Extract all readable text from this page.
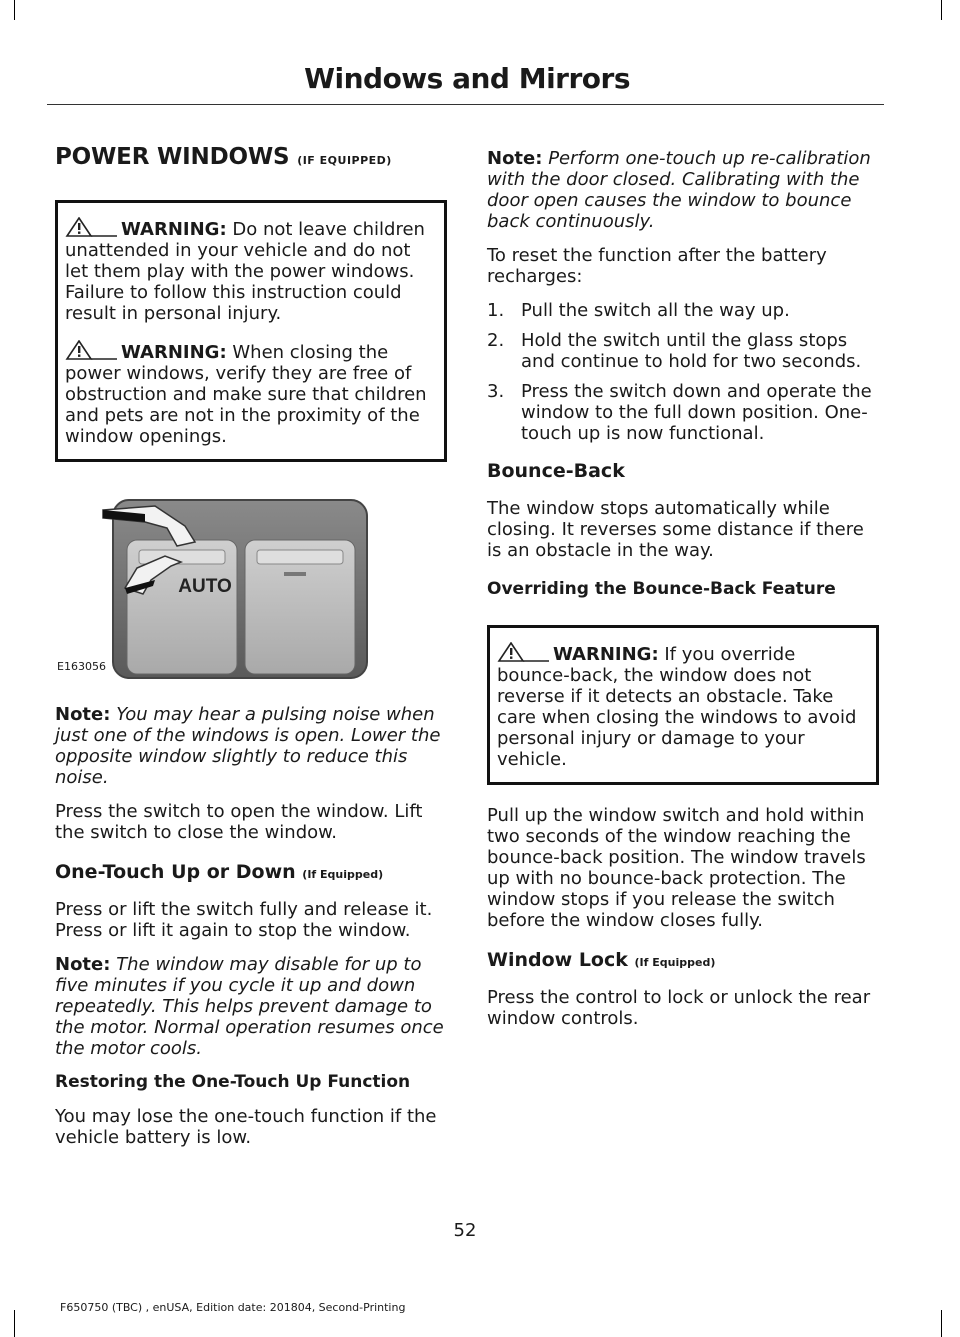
Windows and Mirrors
POWER WINDOWS (IF EQUIPPED)

WARNING: Do not leave children unattended in your vehicle and do not let them play with the power windows. Failure to follow this instruction could result in personal injury.

WARNING: When closing the power windows, verify they are free of obstruction and make sure that children and pets are not in the proximity of the window openings.

AUTO
E163056

Note: You may hear a pulsing noise when just one of the windows is open. Lower the opposite window slightly to reduce this noise.

Press the switch to open the window. Lift the switch to close the window.

One-Touch Up or Down (If Equipped)

Press or lift the switch fully and release it. Press or lift it again to stop the window.

Note: The window may disable for up to five minutes if you cycle it up and down repeatedly. This helps prevent damage to the motor. Normal operation resumes once the motor cools.

Restoring the One-Touch Up Function

You may lose the one-touch function if the vehicle battery is low.

Note: Perform one-touch up re-calibration with the door closed. Calibrating with the door open causes the window to bounce back continuously.

To reset the function after the battery recharges:

1. Pull the switch all the way up.
2. Hold the switch until the glass stops and continue to hold for two seconds.
3. Press the switch down and operate the window to the full down position. One-touch up is now functional.
Bounce-Back

The window stops automatically while closing. It reverses some distance if there is an obstacle in the way.

Overriding the Bounce-Back Feature

WARNING: If you override bounce-back, the window does not reverse if it detects an obstacle. Take care when closing the windows to avoid personal injury or damage to your vehicle.

Pull up the window switch and hold within two seconds of the window reaching the bounce-back position. The window travels up with no bounce-back protection. The window stops if you release the switch before the window closes fully.

Window Lock (If Equipped)

Press the control to lock or unlock the rear window controls.

52
F650750 (TBC) , enUSA, Edition date: 201804, Second-Printing
